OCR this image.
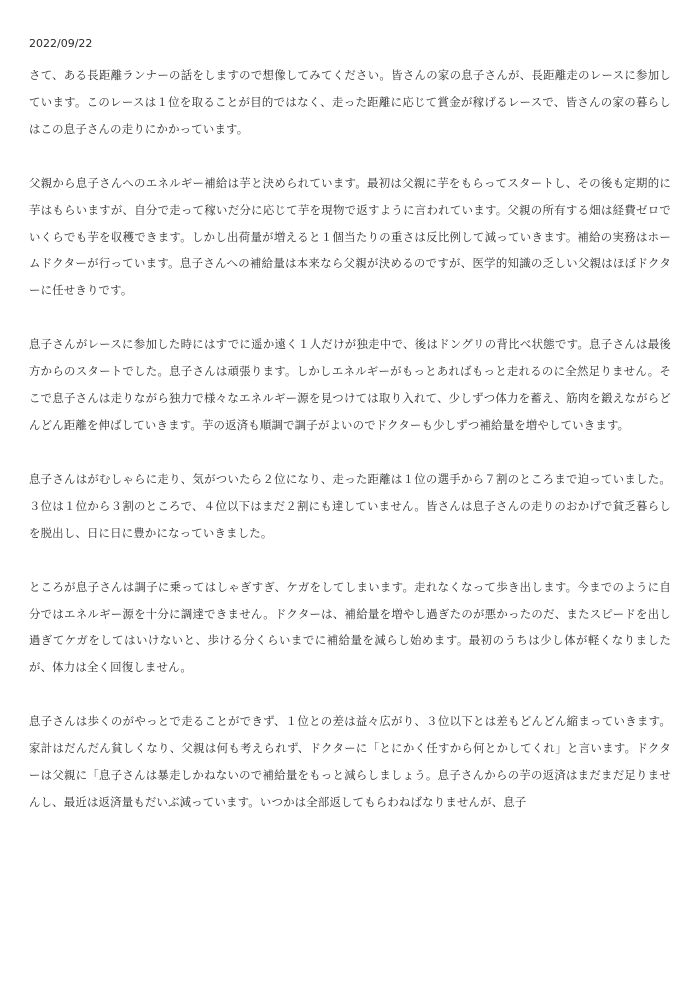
2022/09/22

さて、ある長距離ランナーの話をしますので想像してみてください。皆さんの家の息子さんが、長距離走のレースに参加しています。このレースは１位を取ることが目的ではなく、走った距離に応じて賞金が稼げるレースで、皆さんの家の暮らしはこの息子さんの走りにかかっています。

父親から息子さんへのエネルギー補給は芋と決められています。最初は父親に芋をもらってスタートし、その後も定期的に芋はもらいますが、自分で走って稼いだ分に応じて芋を現物で返すように言われています。父親の所有する畑は経費ゼロでいくらでも芋を収穫できます。しかし出荷量が増えると１個当たりの重さは反比例して減っていきます。補給の実務はホームドクターが行っています。息子さんへの補給量は本来なら父親が決めるのですが、医学的知識の乏しい父親はほぼドクターに任せきりです。

息子さんがレースに参加した時にはすでに遥か遠く１人だけが独走中で、後はドングリの背比べ状態です。息子さんは最後方からのスタートでした。息子さんは頑張ります。しかしエネルギーがもっとあればもっと走れるのに全然足りません。そこで息子さんは走りながら独力で様々なエネルギー源を見つけては取り入れて、少しずつ体力を蓄え、筋肉を鍛えながらどんどん距離を伸ばしていきます。芋の返済も順調で調子がよいのでドクターも少しずつ補給量を増やしていきます。

息子さんはがむしゃらに走り、気がついたら２位になり、走った距離は１位の選手から７割のところまで迫っていました。３位は１位から３割のところで、４位以下はまだ２割にも達していません。皆さんは息子さんの走りのおかげで貧乏暮らしを脱出し、日に日に豊かになっていきました。

ところが息子さんは調子に乗ってはしゃぎすぎ、ケガをしてしまいます。走れなくなって歩き出します。今までのように自分ではエネルギー源を十分に調達できません。ドクターは、補給量を増やし過ぎたのが悪かったのだ、またスピードを出し過ぎてケガをしてはいけないと、歩ける分くらいまでに補給量を減らし始めます。最初のうちは少し体が軽くなりましたが、体力は全く回復しません。

息子さんは歩くのがやっとで走ることができず、１位との差は益々広がり、３位以下とは差もどんどん縮まっていきます。家計はだんだん貧しくなり、父親は何も考えられず、ドクターに「とにかく任すから何とかしてくれ」と言います。ドクターは父親に「息子さんは暴走しかねないので補給量をもっと減らしましょう。息子さんからの芋の返済はまだまだ足りませんし、最近は返済量もだいぶ減っています。いつかは全部返してもらわねばなりませんが、息子
